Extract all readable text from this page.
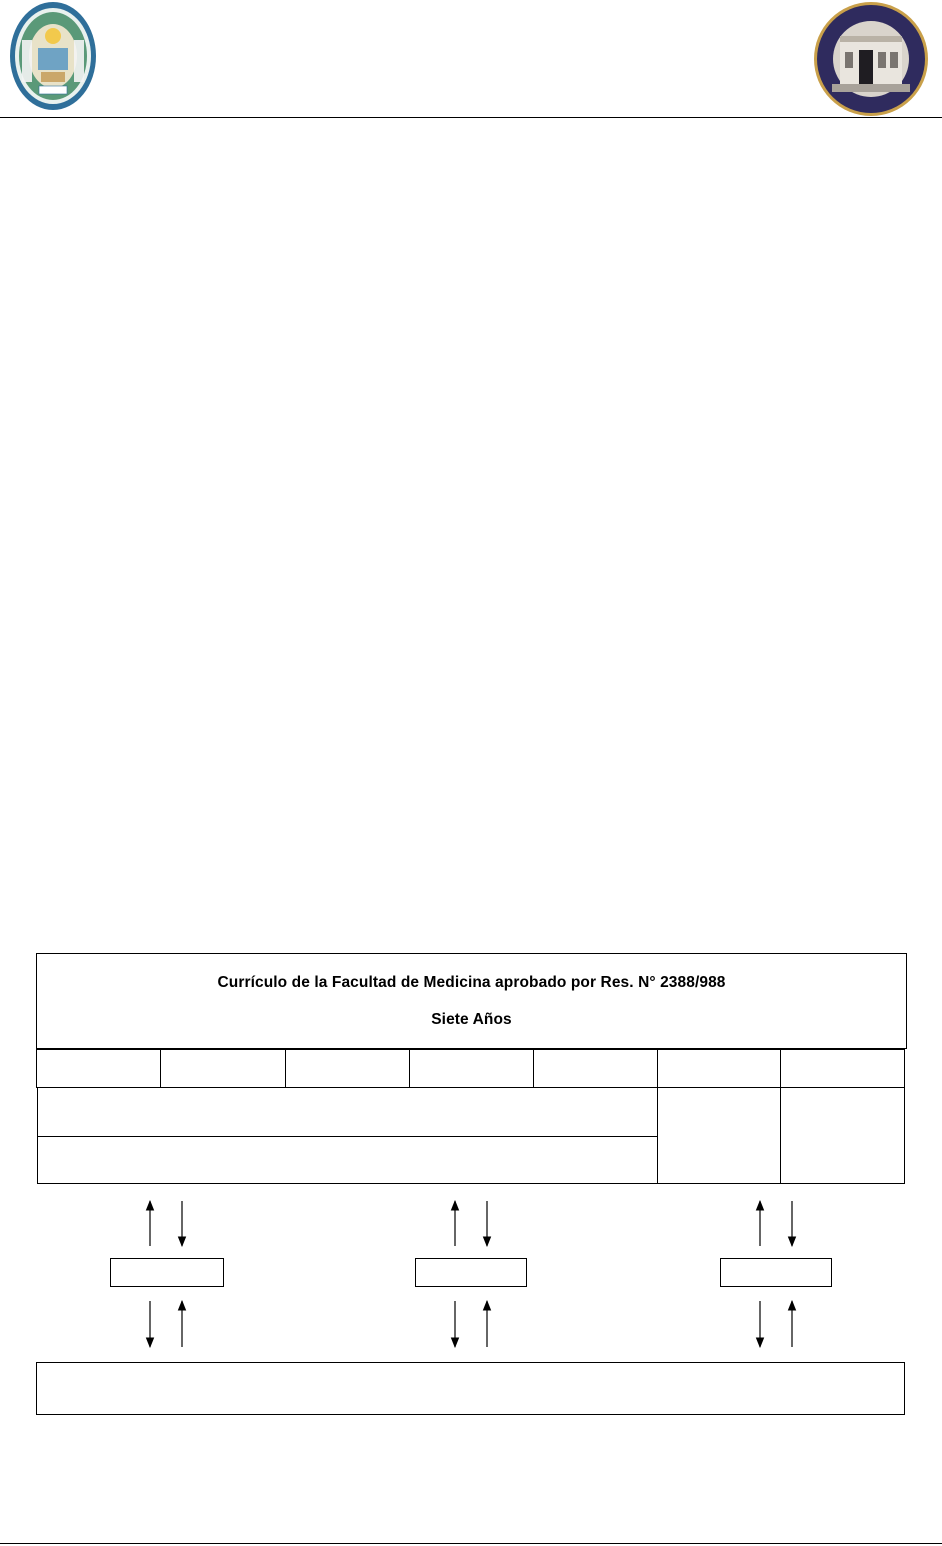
Currículo de la Facultad de Medicina aprobado por Res. N° 2388/988
Siete Años
